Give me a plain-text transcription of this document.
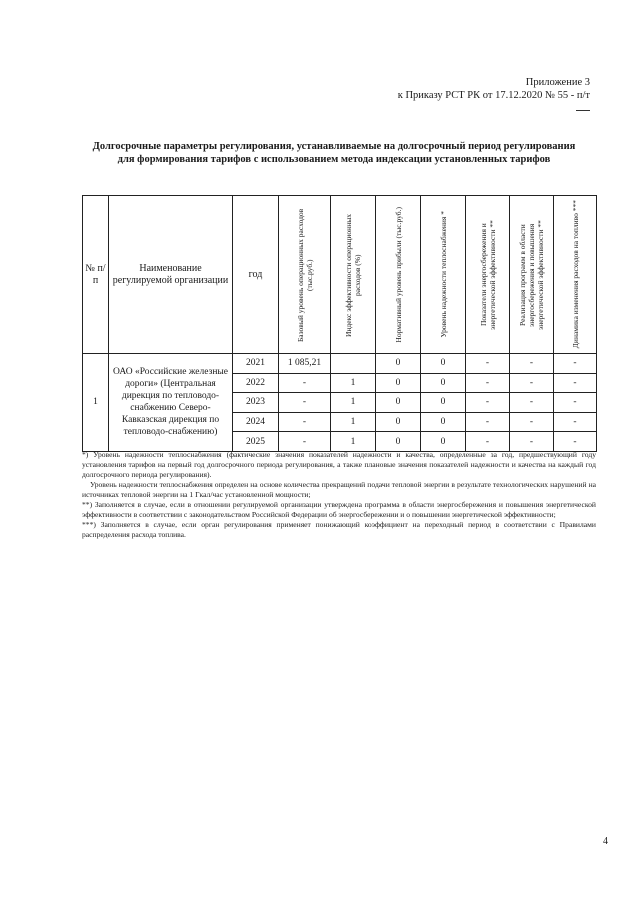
Приложение 3
к Приказу РСТ РК от 17.12.2020 № 55 - п/т
Долгосрочные параметры регулирования, устанавливаемые на долгосрочный период регулирования для формирования тарифов с использованием метода индексации установленных тарифов
№ п/п	Наименование регулируемой организации	год	Базовый уровень операционных расходов (тыс.руб.)	Индекс эффективности операционных расходов (%)	Нормативный уровень прибыли (тыс.руб.)	Уровень надежности теплоснабжения *	Показатели энергосбережения и энергетической эффективности **	Реализация программ в области энергосбережения и повышения энергетической эффективности **	Динамика изменения расходов на топливо ***

1	ОАО «Российские железные дороги» (Центральная дирекция по тепловодо-снабжению Северо-Кавказская дирекция по тепловодо-снабжению)	2021	1 085,21		0	0	-	-	-
		2022	-	1	0	0	-	-	-
		2023	-	1	0	0	-	-	-
		2024	-	1	0	0	-	-	-
		2025	-	1	0	0	-	-	-

*) Уровень надежности теплоснабжения (фактические значения показателей надежности и качества, определенные за год, предшествующий году установления тарифов на первый год долгосрочного периода регулирования, а также плановые значения показателей надежности и качества на каждый год долгосрочного периода регулирования).

Уровень надежности теплоснабжения определен на основе количества прекращений подачи тепловой энергии в результате технологических нарушений на источниках тепловой энергии на 1 Гкал/час установленной мощности;

**) Заполняется в случае, если в отношении регулируемой организации утверждена программа в области энергосбережения и повышения энергетической эффективности в соответствии с законодательством Российской Федерации об энергосбережении и о повышении энергетической эффективности;

***) Заполняется в случае, если орган регулирования применяет понижающий коэффициент на переходный период в соответствии с Правилами распределения расхода топлива.

4
